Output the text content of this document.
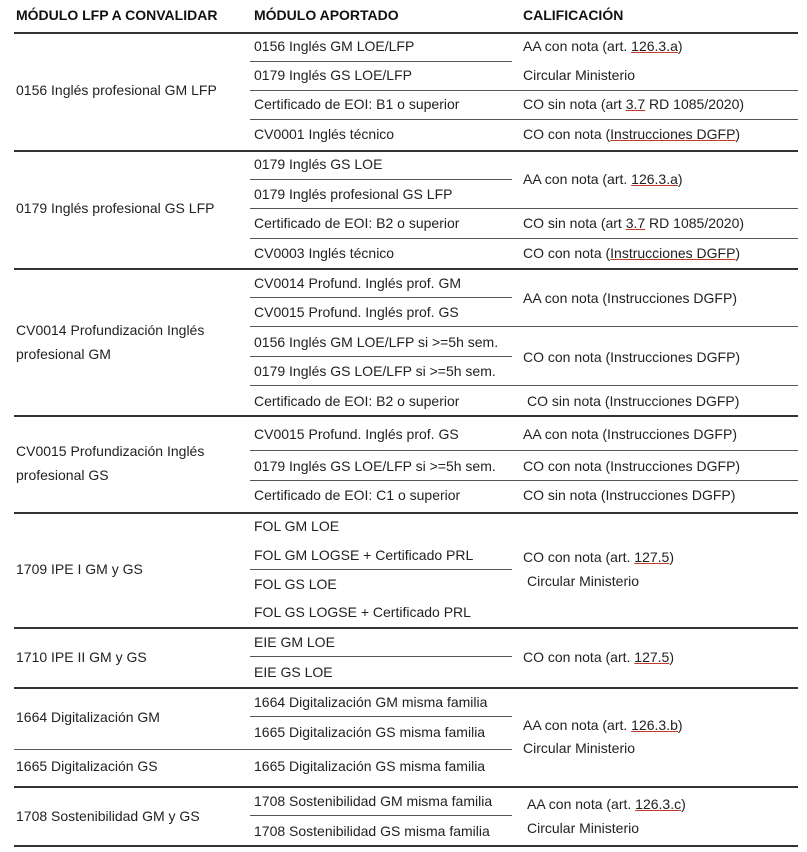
MÓDULO LFP A CONVALIDAR	MÓDULO APORTADO	CALIFICACIÓN
0156 Inglés profesional GM LFP
0156 Inglés GM LOE/LFP
0179 Inglés GS LOE/LFP
Certificado de EOI: B1 o superior
CV0001 Inglés técnico
AA con nota (art. 126.3.a)
Circular Ministerio
CO sin nota (art 3.7 RD 1085/2020)
CO con nota (Instrucciones DGFP)
0179 Inglés profesional GS LFP
0179 Inglés GS LOE
0179 Inglés profesional GS LFP
Certificado de EOI: B2 o superior
CV0003 Inglés técnico
AA con nota (art. 126.3.a)
CO sin nota (art 3.7 RD 1085/2020)
CO con nota (Instrucciones DGFP)
CV0014 Profundización Inglés
profesional GM
CV0014 Profund. Inglés prof. GM
CV0015 Profund. Inglés prof. GS
0156 Inglés GM LOE/LFP si >=5h sem.
0179 Inglés GS LOE/LFP si >=5h sem.
Certificado de EOI: B2 o superior
AA con nota (Instrucciones DGFP)
CO con nota (Instrucciones DGFP)
CO sin nota (Instrucciones DGFP)
CV0015 Profundización Inglés
profesional GS
CV0015 Profund. Inglés prof. GS
0179 Inglés GS LOE/LFP si >=5h sem.
Certificado de EOI: C1 o superior
AA con nota (Instrucciones DGFP)
CO con nota (Instrucciones DGFP)
CO sin nota (Instrucciones DGFP)
1709 IPE I GM y GS
FOL GM LOE
FOL GM LOGSE + Certificado PRL
FOL GS LOE
FOL GS LOGSE + Certificado PRL
CO con nota (art. 127.5)
Circular Ministerio
1710 IPE II GM y GS
EIE GM LOE
EIE GS LOE
CO con nota (art. 127.5)
1664 Digitalización GM
1665 Digitalización GS
1664 Digitalización GM misma familia
1665 Digitalización GS misma familia
1665 Digitalización GS misma familia
AA con nota (art. 126.3.b)
Circular Ministerio
1708 Sostenibilidad GM y GS
1708 Sostenibilidad GM misma familia
1708 Sostenibilidad GS misma familia
AA con nota (art. 126.3.c)
Circular Ministerio
